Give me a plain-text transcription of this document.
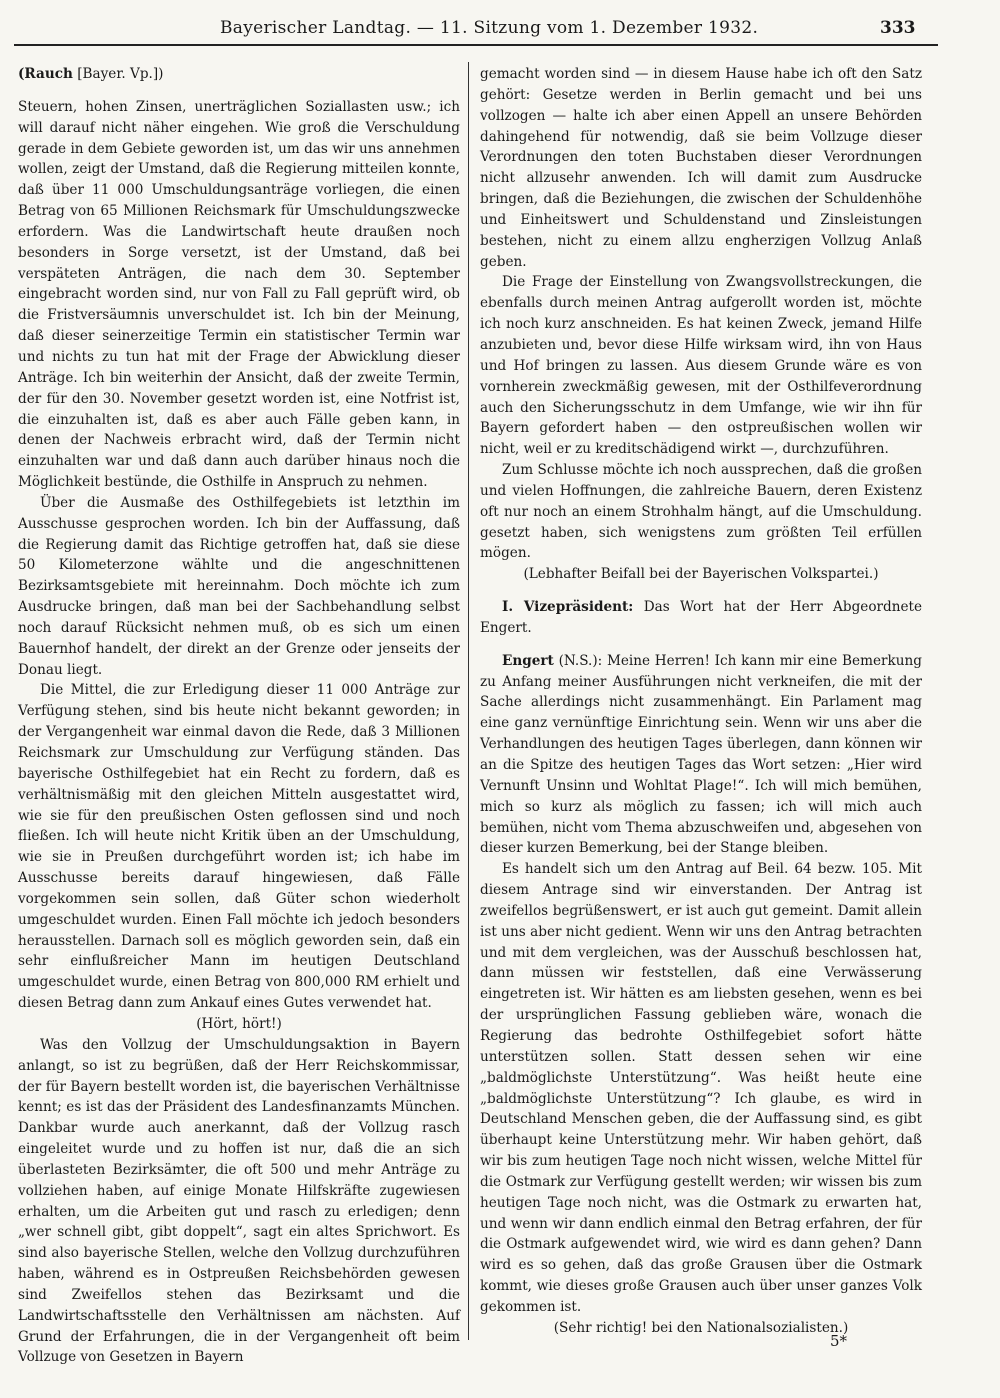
Bayerischer Landtag. — 11. Sitzung vom 1. Dezember 1932.	333

(Rauch [Bayer. Vp.])

Steuern, hohen Zinsen, unerträglichen Soziallasten usw.; ich will darauf nicht näher eingehen. Wie groß die Verschuldung gerade in dem Gebiete geworden ist, um das wir uns annehmen wollen, zeigt der Umstand, daß die Regierung mitteilen konnte, daß über 11 000 Umschuldungsanträge vorliegen, die einen Betrag von 65 Millionen Reichsmark für Umschuldungszwecke erfordern. Was die Landwirtschaft heute draußen noch besonders in Sorge versetzt, ist der Umstand, daß bei verspäteten Anträgen, die nach dem 30. September eingebracht worden sind, nur von Fall zu Fall geprüft wird, ob die Fristversäumnis unverschuldet ist. Ich bin der Meinung, daß dieser seinerzeitige Termin ein statistischer Termin war und nichts zu tun hat mit der Frage der Abwicklung dieser Anträge. Ich bin weiterhin der Ansicht, daß der zweite Termin, der für den 30. November gesetzt worden ist, eine Notfrist ist, die einzuhalten ist, daß es aber auch Fälle geben kann, in denen der Nachweis erbracht wird, daß der Termin nicht einzuhalten war und daß dann auch darüber hinaus noch die Möglichkeit bestünde, die Osthilfe in Anspruch zu nehmen.

Über die Ausmaße des Osthilfegebiets ist letzthin im Ausschusse gesprochen worden. Ich bin der Auffassung, daß die Regierung damit das Richtige getroffen hat, daß sie diese 50 Kilometerzone wählte und die angeschnittenen Bezirksamtsgebiete mit hereinnahm. Doch möchte ich zum Ausdrucke bringen, daß man bei der Sachbehandlung selbst noch darauf Rücksicht nehmen muß, ob es sich um einen Bauernhof handelt, der direkt an der Grenze oder jenseits der Donau liegt.

Die Mittel, die zur Erledigung dieser 11 000 Anträge zur Verfügung stehen, sind bis heute nicht bekannt geworden; in der Vergangenheit war einmal davon die Rede, daß 3 Millionen Reichsmark zur Umschuldung zur Verfügung ständen. Das bayerische Osthilfegebiet hat ein Recht zu fordern, daß es verhältnismäßig mit den gleichen Mitteln ausgestattet wird, wie sie für den preußischen Osten geflossen sind und noch fließen. Ich will heute nicht Kritik üben an der Umschuldung, wie sie in Preußen durchgeführt worden ist; ich habe im Ausschusse bereits darauf hingewiesen, daß Fälle vorgekommen sein sollen, daß Güter schon wiederholt umgeschuldet wurden. Einen Fall möchte ich jedoch besonders herausstellen. Darnach soll es möglich geworden sein, daß ein sehr einflußreicher Mann im heutigen Deutschland umgeschuldet wurde, einen Betrag von 800,000 RM erhielt und diesen Betrag dann zum Ankauf eines Gutes verwendet hat.

(Hört, hört!)

Was den Vollzug der Umschuldungsaktion in Bayern anlangt, so ist zu begrüßen, daß der Herr Reichskommissar, der für Bayern bestellt worden ist, die bayerischen Verhältnisse kennt; es ist das der Präsident des Landesfinanzamts München. Dankbar wurde auch anerkannt, daß der Vollzug rasch eingeleitet wurde und zu hoffen ist nur, daß die an sich überlasteten Bezirksämter, die oft 500 und mehr Anträge zu vollziehen haben, auf einige Monate Hilfskräfte zugewiesen erhalten, um die Arbeiten gut und rasch zu erledigen; denn „wer schnell gibt, gibt doppelt“, sagt ein altes Sprichwort. Es sind also bayerische Stellen, welche den Vollzug durchzuführen haben, während es in Ostpreußen Reichsbehörden gewesen sind Zweifellos stehen das Bezirksamt und die Landwirtschaftsstelle den Verhältnissen am nächsten. Auf Grund der Erfahrungen, die in der Vergangenheit oft beim Vollzuge von Gesetzen in Bayern

gemacht worden sind — in diesem Hause habe ich oft den Satz gehört: Gesetze werden in Berlin gemacht und bei uns vollzogen — halte ich aber einen Appell an unsere Behörden dahingehend für notwendig, daß sie beim Vollzuge dieser Verordnungen den toten Buchstaben dieser Verordnungen nicht allzusehr anwenden. Ich will damit zum Ausdrucke bringen, daß die Beziehungen, die zwischen der Schuldenhöhe und Einheitswert und Schuldenstand und Zinsleistungen bestehen, nicht zu einem allzu engherzigen Vollzug Anlaß geben.

Die Frage der Einstellung von Zwangsvollstreckungen, die ebenfalls durch meinen Antrag aufgerollt worden ist, möchte ich noch kurz anschneiden. Es hat keinen Zweck, jemand Hilfe anzubieten und, bevor diese Hilfe wirksam wird, ihn von Haus und Hof bringen zu lassen. Aus diesem Grunde wäre es von vornherein zweckmäßig gewesen, mit der Osthilfeverordnung auch den Sicherungsschutz in dem Umfange, wie wir ihn für Bayern gefordert haben — den ostpreußischen wollen wir nicht, weil er zu kreditschädigend wirkt —, durchzuführen.

Zum Schlusse möchte ich noch aussprechen, daß die großen und vielen Hoffnungen, die zahlreiche Bauern, deren Existenz oft nur noch an einem Strohhalm hängt, auf die Umschuldung. gesetzt haben, sich wenigstens zum größten Teil erfüllen mögen.

(Lebhafter Beifall bei der Bayerischen Volkspartei.)

I. Vizepräsident: Das Wort hat der Herr Abgeordnete Engert.

Engert (N.S.): Meine Herren! Ich kann mir eine Bemerkung zu Anfang meiner Ausführungen nicht verkneifen, die mit der Sache allerdings nicht zusammenhängt. Ein Parlament mag eine ganz vernünftige Einrichtung sein. Wenn wir uns aber die Verhandlungen des heutigen Tages überlegen, dann können wir an die Spitze des heutigen Tages das Wort setzen: „Hier wird Vernunft Unsinn und Wohltat Plage!“. Ich will mich bemühen, mich so kurz als möglich zu fassen; ich will mich auch bemühen, nicht vom Thema abzuschweifen und, abgesehen von dieser kurzen Bemerkung, bei der Stange bleiben.

Es handelt sich um den Antrag auf Beil. 64 bezw. 105. Mit diesem Antrage sind wir einverstanden. Der Antrag ist zweifellos begrüßenswert, er ist auch gut gemeint. Damit allein ist uns aber nicht gedient. Wenn wir uns den Antrag betrachten und mit dem vergleichen, was der Ausschuß beschlossen hat, dann müssen wir feststellen, daß eine Verwässerung eingetreten ist. Wir hätten es am liebsten gesehen, wenn es bei der ursprünglichen Fassung geblieben wäre, wonach die Regierung das bedrohte Osthilfegebiet sofort hätte unterstützen sollen. Statt dessen sehen wir eine „baldmöglichste Unterstützung“. Was heißt heute eine „baldmöglichste Unterstützung“? Ich glaube, es wird in Deutschland Menschen geben, die der Auffassung sind, es gibt überhaupt keine Unterstützung mehr. Wir haben gehört, daß wir bis zum heutigen Tage noch nicht wissen, welche Mittel für die Ostmark zur Verfügung gestellt werden; wir wissen bis zum heutigen Tage noch nicht, was die Ostmark zu erwarten hat, und wenn wir dann endlich einmal den Betrag erfahren, der für die Ostmark aufgewendet wird, wie wird es dann gehen? Dann wird es so gehen, daß das große Grausen über die Ostmark kommt, wie dieses große Grausen auch über unser ganzes Volk gekommen ist.

(Sehr richtig! bei den Nationalsozialisten.)

5*
